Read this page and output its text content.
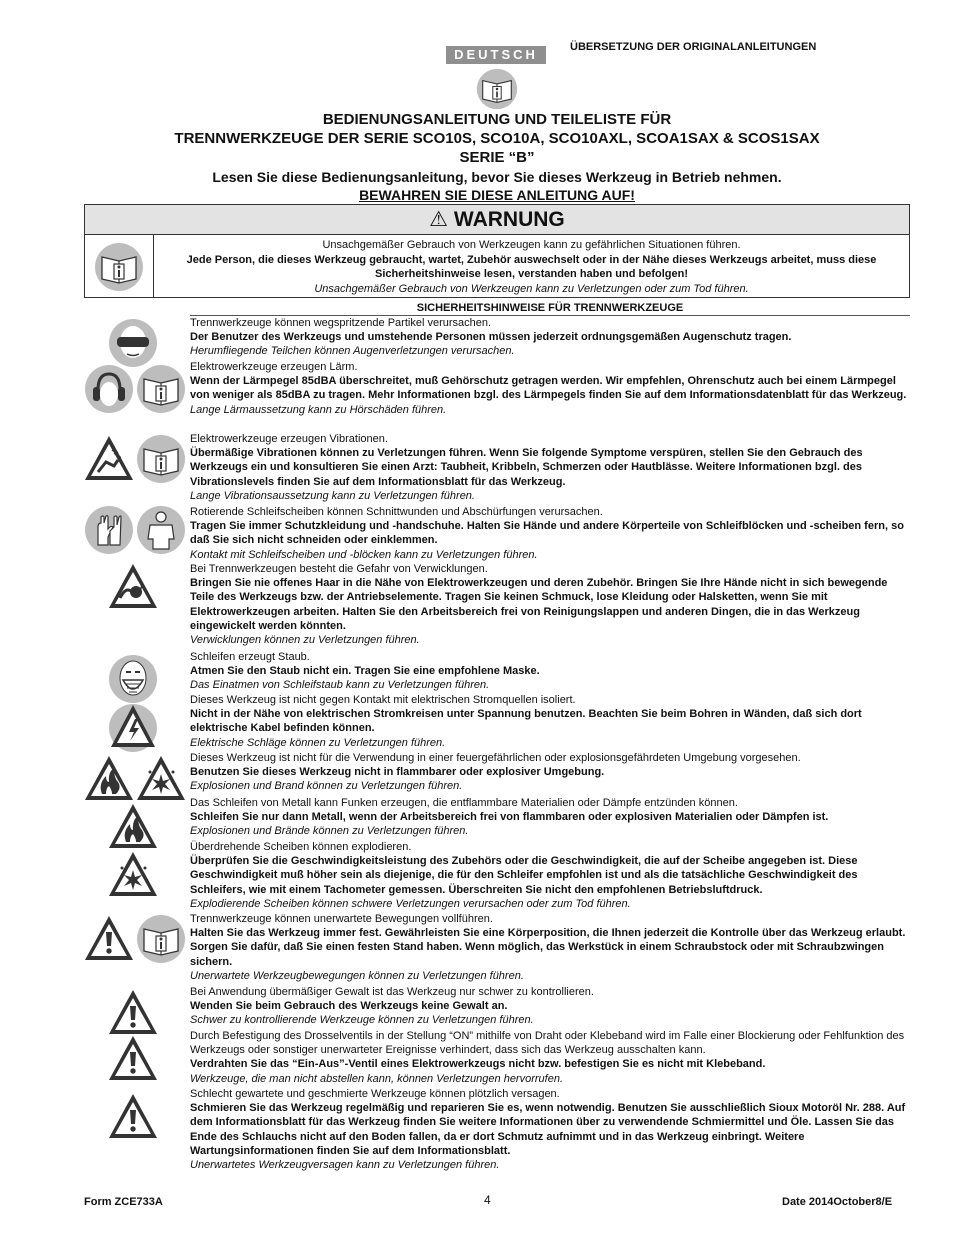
DEUTSCH	ÜBERSETZUNG DER ORIGINALANLEITUNGEN
BEDIENUNGSANLEITUNG UND TEILELISTE FÜR
TRENNWERKZEUGE DER SERIE SCO10S, SCO10A, SCO10AXL, SCOA1SAX & SCOS1SAX
SERIE “B”
Lesen Sie diese Bedienungsanleitung, bevor Sie dieses Werkzeug in Betrieb nehmen.
BEWAHREN SIE DIESE ANLEITUNG AUF!
⚠ WARNUNG
Unsachgemäßer Gebrauch von Werkzeugen kann zu gefährlichen Situationen führen.
Jede Person, die dieses Werkzeug gebraucht, wartet, Zubehör auswechselt oder in der Nähe dieses Werkzeugs arbeitet, muss diese Sicherheitshinweise lesen, verstanden haben und befolgen!
Unsachgemäßer Gebrauch von Werkzeugen kann zu Verletzungen oder zum Tod führen.
SICHERHEITSHINWEISE FÜR TRENNWERKZEUGE

Trennwerkzeuge können wegspritzende Partikel verursachen.

Der Benutzer des Werkzeugs und umstehende Personen müssen jederzeit ordnungsgemäßen Augenschutz tragen.

Herumfliegende Teilchen können Augenverletzungen verursachen.

Elektrowerkzeuge erzeugen Lärm.

Wenn der Lärmpegel 85dBA überschreitet, muß Gehörschutz getragen werden. Wir empfehlen, Ohrenschutz auch bei einem Lärmpegel von weniger als 85dBA zu tragen. Mehr Informationen bzgl. des Lärmpegels finden Sie auf dem Informationsdatenblatt für das Werkzeug.

Lange Lärmaussetzung kann zu Hörschäden führen.

Elektrowerkzeuge erzeugen Vibrationen.

Übermäßige Vibrationen können zu Verletzungen führen. Wenn Sie folgende Symptome verspüren, stellen Sie den Gebrauch des Werkzeugs ein und konsultieren Sie einen Arzt: Taubheit, Kribbeln, Schmerzen oder Hautblässe. Weitere Informationen bzgl. des Vibrationslevels finden Sie auf dem Informationsblatt für das Werkzeug.

Lange Vibrationsaussetzung kann zu Verletzungen führen.

Rotierende Schleifscheiben können Schnittwunden und Abschürfungen verursachen.

Tragen Sie immer Schutzkleidung und -handschuhe. Halten Sie Hände und andere Körperteile von Schleifblöcken und -scheiben fern, so daß Sie sich nicht schneiden oder einklemmen.

Kontakt mit Schleifscheiben und -blöcken kann zu Verletzungen führen.

Bei Trennwerkzeugen besteht die Gefahr von Verwicklungen.

Bringen Sie nie offenes Haar in die Nähe von Elektrowerkzeugen und deren Zubehör. Bringen Sie Ihre Hände nicht in sich bewegende Teile des Werkzeugs bzw. der Antriebselemente. Tragen Sie keinen Schmuck, lose Kleidung oder Halsketten, wenn Sie mit Elektrowerkzeugen arbeiten. Halten Sie den Arbeitsbereich frei von Reinigungslappen und anderen Dingen, die in das Werkzeug eingewickelt werden könnten.

Verwicklungen können zu Verletzungen führen.

Schleifen erzeugt Staub.

Atmen Sie den Staub nicht ein. Tragen Sie eine empfohlene Maske.

Das Einatmen von Schleifstaub kann zu Verletzungen führen.

Dieses Werkzeug ist nicht gegen Kontakt mit elektrischen Stromquellen isoliert.

Nicht in der Nähe von elektrischen Stromkreisen unter Spannung benutzen. Beachten Sie beim Bohren in Wänden, daß sich dort elektrische Kabel befinden können.

Elektrische Schläge können zu Verletzungen führen.

Dieses Werkzeug ist nicht für die Verwendung in einer feuergefährlichen oder explosionsgefährdeten Umgebung vorgesehen.

Benutzen Sie dieses Werkzeug nicht in flammbarer oder explosiver Umgebung.

Explosionen und Brand können zu Verletzungen führen.

Das Schleifen von Metall kann Funken erzeugen, die entflammbare Materialien oder Dämpfe entzünden können.

Schleifen Sie nur dann Metall, wenn der Arbeitsbereich frei von flammbaren oder explosiven Materialien oder Dämpfen ist.

Explosionen und Brände können zu Verletzungen führen.

Überdrehende Scheiben können explodieren.

Überprüfen Sie die Geschwindigkeitsleistung des Zubehörs oder die Geschwindigkeit, die auf der Scheibe angegeben ist. Diese Geschwindigkeit muß höher sein als diejenige, die für den Schleifer empfohlen ist und als die tatsächliche Geschwindigkeit des Schleifers, wie mit einem Tachometer gemessen. Überschreiten Sie nicht den empfohlenen Betriebsluftdruck.

Explodierende Scheiben können schwere Verletzungen verursachen oder zum Tod führen.

Trennwerkzeuge können unerwartete Bewegungen vollführen.

Halten Sie das Werkzeug immer fest. Gewährleisten Sie eine Körperposition, die Ihnen jederzeit die Kontrolle über das Werkzeug erlaubt. Sorgen Sie dafür, daß Sie einen festen Stand haben. Wenn möglich, das Werkstück in einem Schraubstock oder mit Schraubzwingen sichern.

Unerwartete Werkzeugbewegungen können zu Verletzungen führen.

Bei Anwendung übermäßiger Gewalt ist das Werkzeug nur schwer zu kontrollieren.

Wenden Sie beim Gebrauch des Werkzeugs keine Gewalt an.

Schwer zu kontrollierende Werkzeuge können zu Verletzungen führen.

Durch Befestigung des Drosselventils in der Stellung “ON” mithilfe von Draht oder Klebeband wird im Falle einer Blockierung oder Fehlfunktion des Werkzeugs oder sonstiger unerwarteter Ereignisse verhindert, dass sich das Werkzeug ausschalten kann.

Verdrahten Sie das “Ein-Aus”-Ventil eines Elektrowerkzeugs nicht bzw. befestigen Sie es nicht mit Klebeband.

Werkzeuge, die man nicht abstellen kann, können Verletzungen hervorrufen.

Schlecht gewartete und geschmierte Werkzeuge können plötzlich versagen.

Schmieren Sie das Werkzeug regelmäßig und reparieren Sie es, wenn notwendig. Benutzen Sie ausschließlich Sioux Motoröl Nr. 288. Auf dem Informationsblatt für das Werkzeug finden Sie weitere Informationen über zu verwendende Schmiermittel und Öle. Lassen Sie das Ende des Schlauchs nicht auf den Boden fallen, da er dort Schmutz aufnimmt und in das Werkzeug einbringt. Weitere Wartungsinformationen finden Sie auf dem Informationsblatt.

Unerwartetes Werkzeugversagen kann zu Verletzungen führen.

Form ZCE733A	4	Date 2014October8/E
